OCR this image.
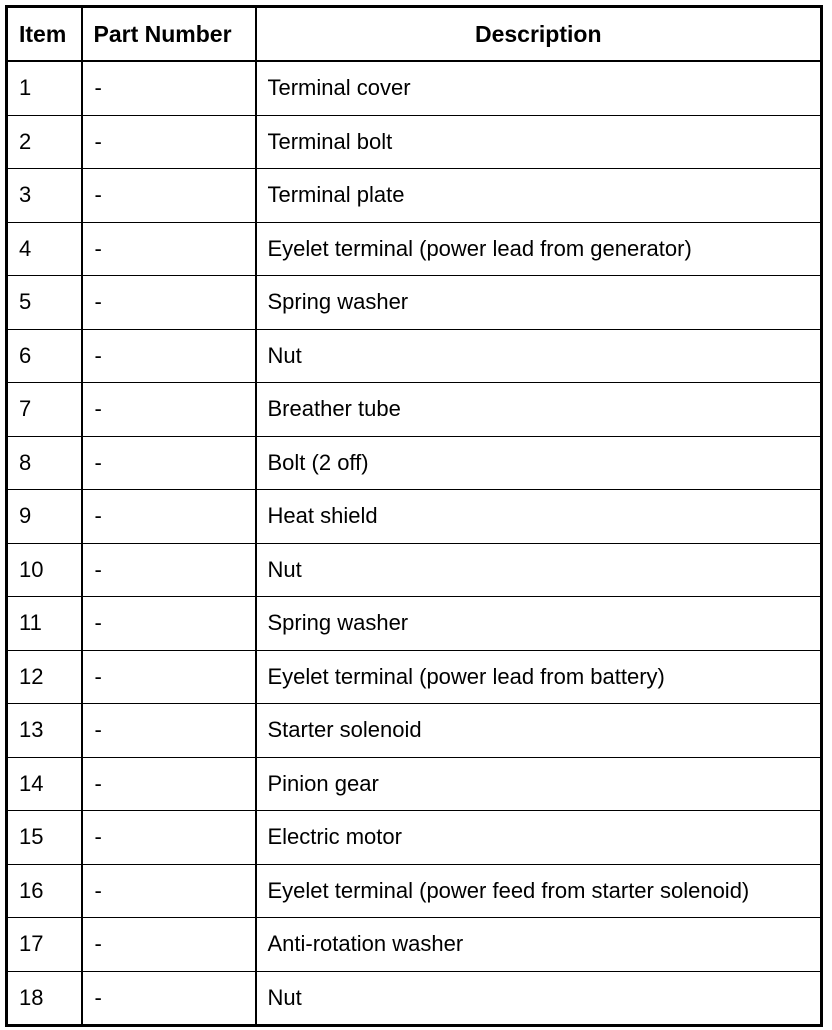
Item	Part Number	Description
1	-	Terminal cover
2	-	Terminal bolt
3	-	Terminal plate
4	-	Eyelet terminal (power lead from generator)
5	-	Spring washer
6	-	Nut
7	-	Breather tube
8	-	Bolt (2 off)
9	-	Heat shield
10	-	Nut
11	-	Spring washer
12	-	Eyelet terminal (power lead from battery)
13	-	Starter solenoid
14	-	Pinion gear
15	-	Electric motor
16	-	Eyelet terminal (power feed from starter solenoid)
17	-	Anti-rotation washer
18	-	Nut
